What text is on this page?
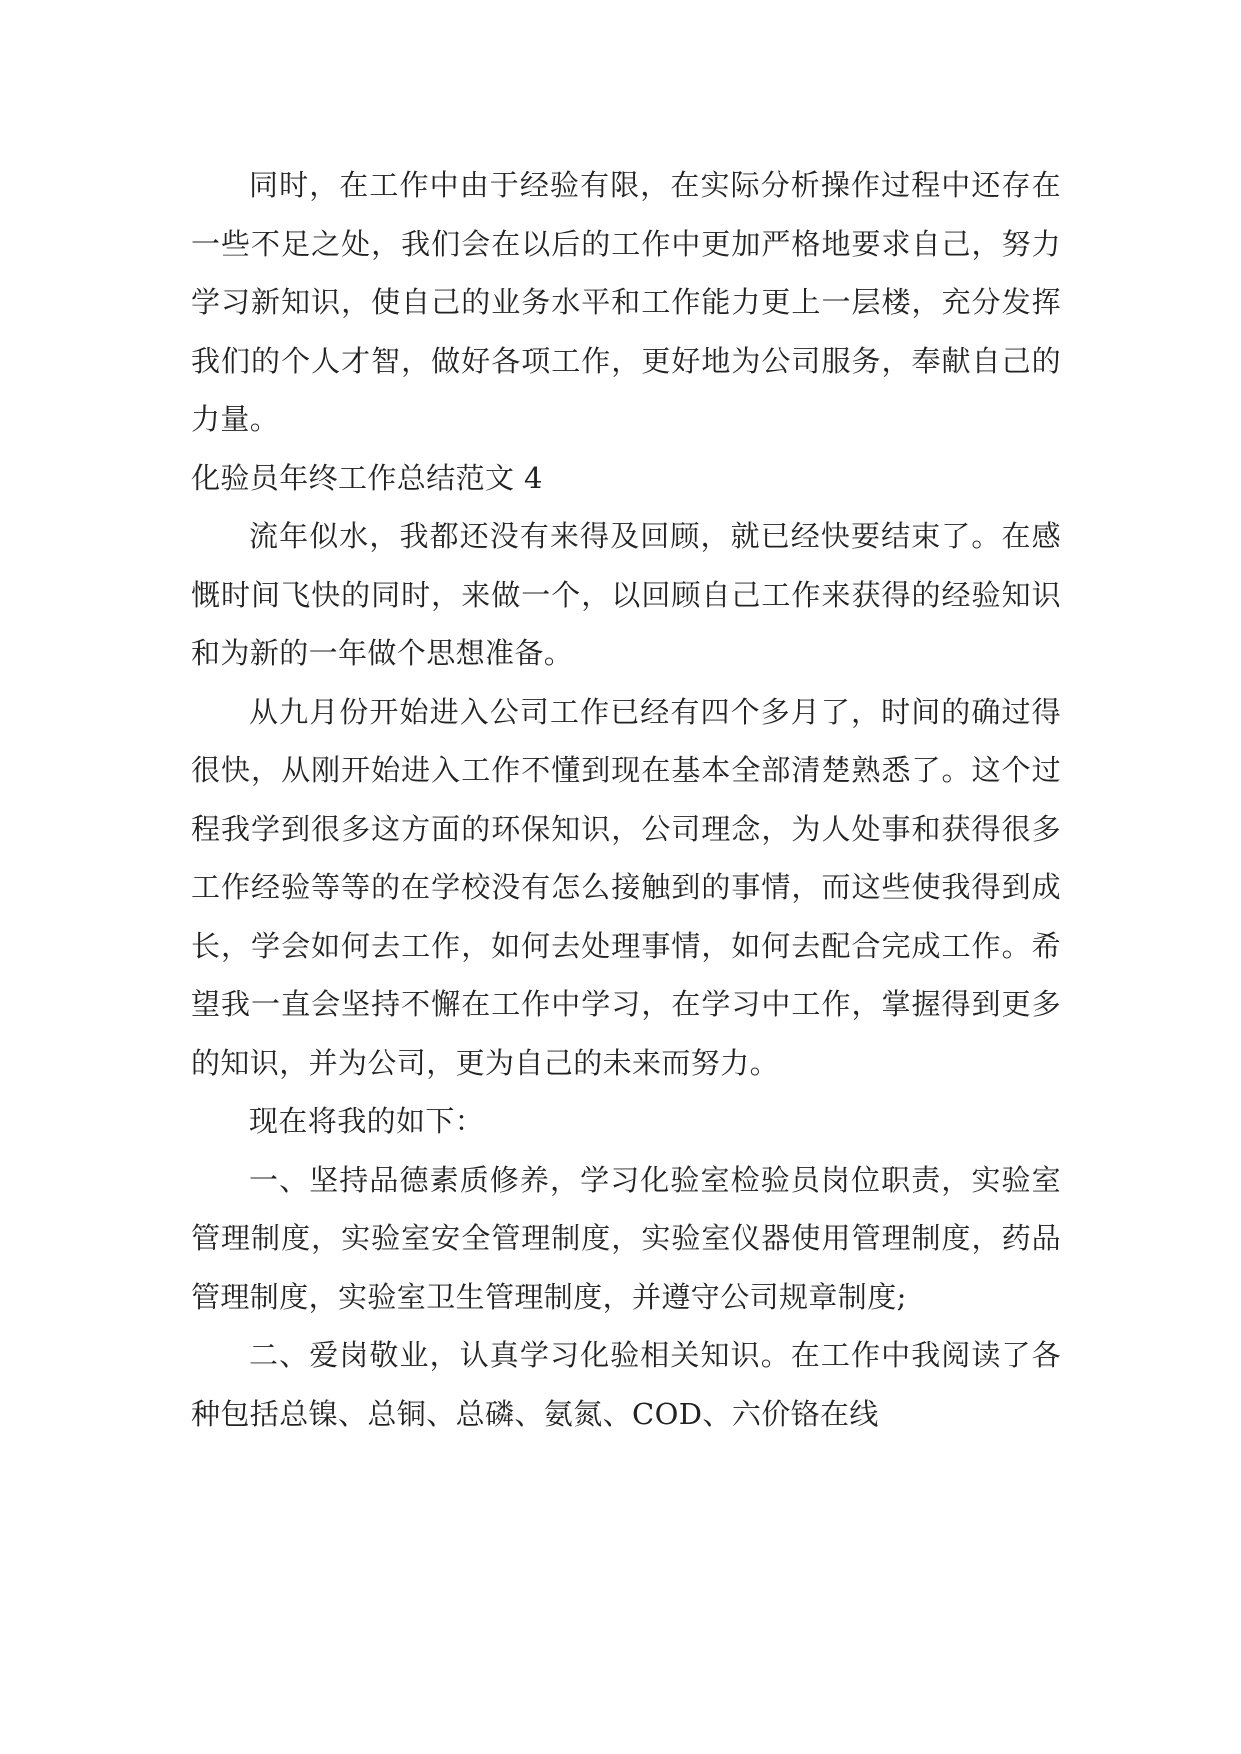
同时，在工作中由于经验有限，在实际分析操作过程中还存在一些不足之处，我们会在以后的工作中更加严格地要求自己，努力学习新知识，使自己的业务水平和工作能力更上一层楼，充分发挥我们的个人才智，做好各项工作，更好地为公司服务，奉献自己的力量。

化验员年终工作总结范文 4

流年似水，我都还没有来得及回顾，就已经快要结束了。在感慨时间飞快的同时，来做一个，以回顾自己工作来获得的经验知识和为新的一年做个思想准备。

从九月份开始进入公司工作已经有四个多月了，时间的确过得很快，从刚开始进入工作不懂到现在基本全部清楚熟悉了。这个过程我学到很多这方面的环保知识，公司理念，为人处事和获得很多工作经验等等的在学校没有怎么接触到的事情，而这些使我得到成长，学会如何去工作，如何去处理事情，如何去配合完成工作。希望我一直会坚持不懈在工作中学习，在学习中工作，掌握得到更多的知识，并为公司，更为自己的未来而努力。

现在将我的如下：

一、坚持品德素质修养，学习化验室检验员岗位职责，实验室管理制度，实验室安全管理制度，实验室仪器使用管理制度，药品管理制度，实验室卫生管理制度，并遵守公司规章制度;

二、爱岗敬业，认真学习化验相关知识。在工作中我阅读了各种包括总镍、总铜、总磷、氨氮、COD、六价铬在线
